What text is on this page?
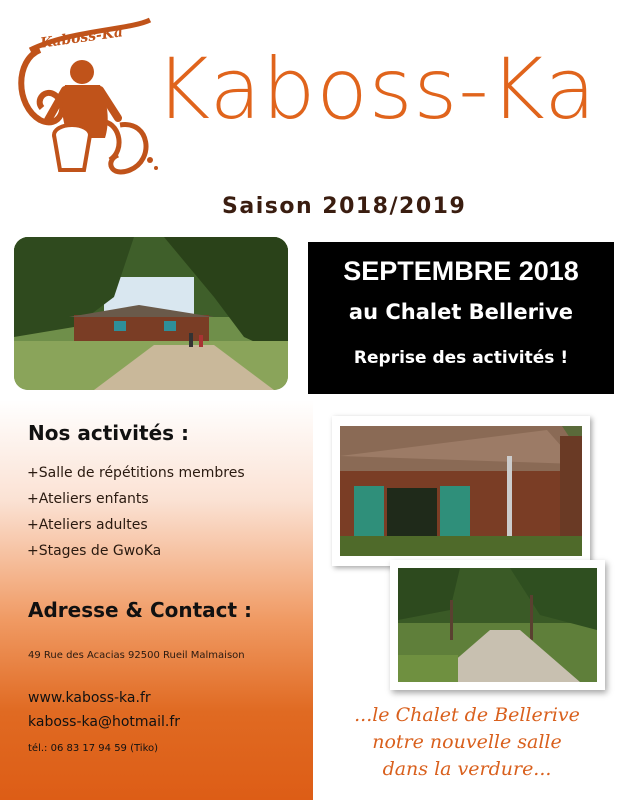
Kaboss-Ka
Kaboss-Ka
Saison 2018/2019
SEPTEMBRE 2018
au Chalet Bellerive
Reprise des activités !
Nos activités :
+Salle de répétitions membres
+Ateliers enfants
+Ateliers adultes
+Stages de GwoKa
Adresse & Contact :
49 Rue des Acacias 92500 Rueil Malmaison
www.kaboss-ka.fr
kaboss-ka@hotmail.fr
tél.: 06 83 17 94 59 (Tiko)
...le Chalet de Bellerive
notre nouvelle salle
dans la verdure...
